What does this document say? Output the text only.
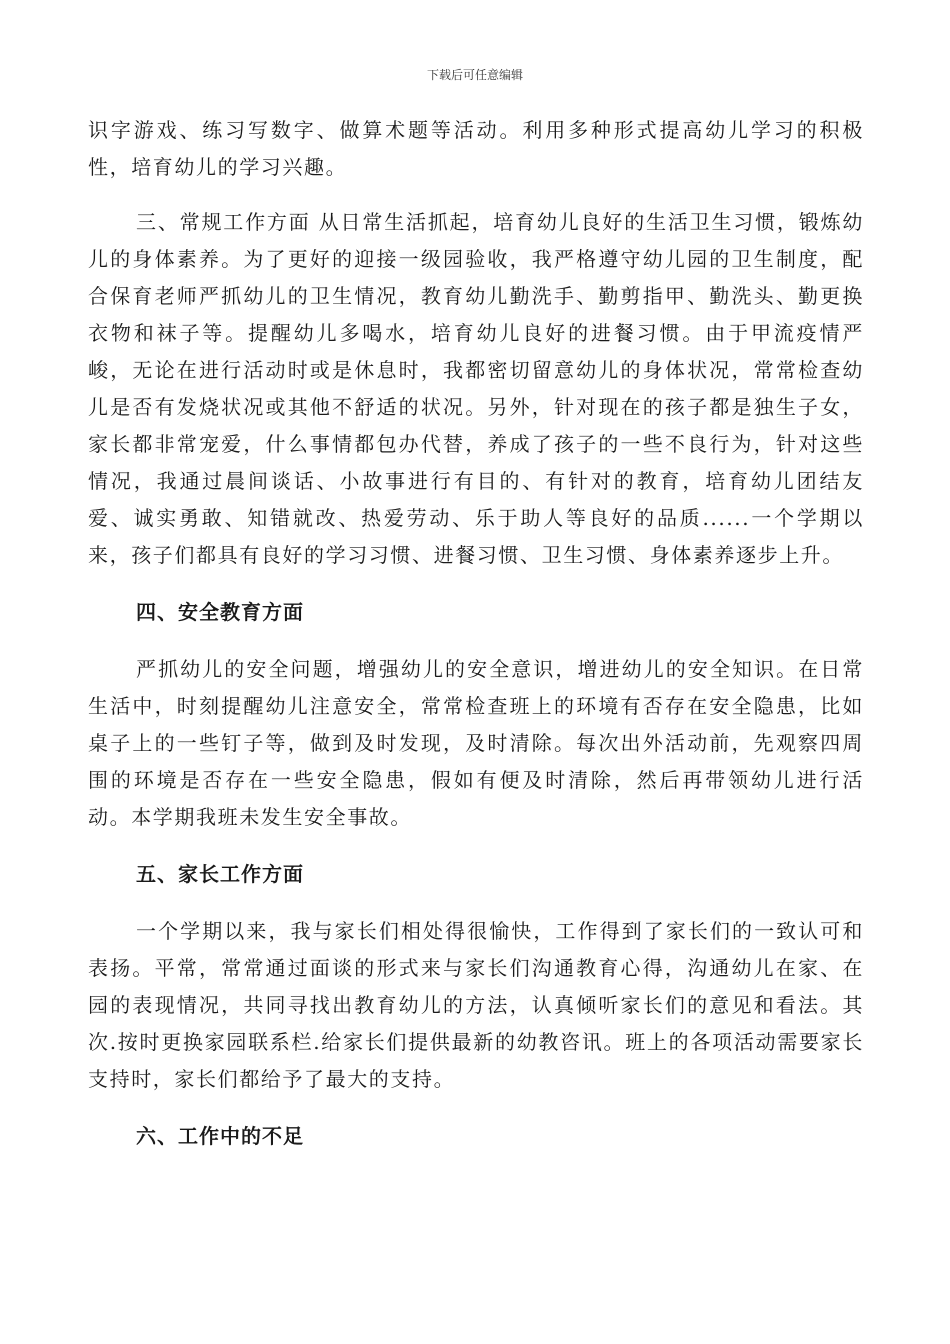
下载后可任意编辑

识字游戏、练习写数字、做算术题等活动。利用多种形式提高幼儿学习的积极性，培育幼儿的学习兴趣。

三、常规工作方面 从日常生活抓起，培育幼儿良好的生活卫生习惯，锻炼幼儿的身体素养。为了更好的迎接一级园验收，我严格遵守幼儿园的卫生制度，配合保育老师严抓幼儿的卫生情况，教育幼儿勤洗手、勤剪指甲、勤洗头、勤更换衣物和袜子等。提醒幼儿多喝水，培育幼儿良好的进餐习惯。由于甲流疫情严峻，无论在进行活动时或是休息时，我都密切留意幼儿的身体状况，常常检查幼儿是否有发烧状况或其他不舒适的状况。另外，针对现在的孩子都是独生子女，家长都非常宠爱，什么事情都包办代替，养成了孩子的一些不良行为，针对这些情况，我通过晨间谈话、小故事进行有目的、有针对的教育，培育幼儿团结友爱、诚实勇敢、知错就改、热爱劳动、乐于助人等良好的品质......一个学期以来，孩子们都具有良好的学习习惯、进餐习惯、卫生习惯、身体素养逐步上升。

四、安全教育方面

严抓幼儿的安全问题，增强幼儿的安全意识，增进幼儿的安全知识。在日常生活中，时刻提醒幼儿注意安全，常常检查班上的环境有否存在安全隐患，比如桌子上的一些钉子等，做到及时发现，及时清除。每次出外活动前，先观察四周围的环境是否存在一些安全隐患，假如有便及时清除，然后再带领幼儿进行活动。本学期我班未发生安全事故。

五、家长工作方面

一个学期以来，我与家长们相处得很愉快，工作得到了家长们的一致认可和表扬。平常，常常通过面谈的形式来与家长们沟通教育心得，沟通幼儿在家、在园的表现情况，共同寻找出教育幼儿的方法，认真倾听家长们的意见和看法。其次.按时更换家园联系栏.给家长们提供最新的幼教咨讯。班上的各项活动需要家长支持时，家长们都给予了最大的支持。

六、工作中的不足
